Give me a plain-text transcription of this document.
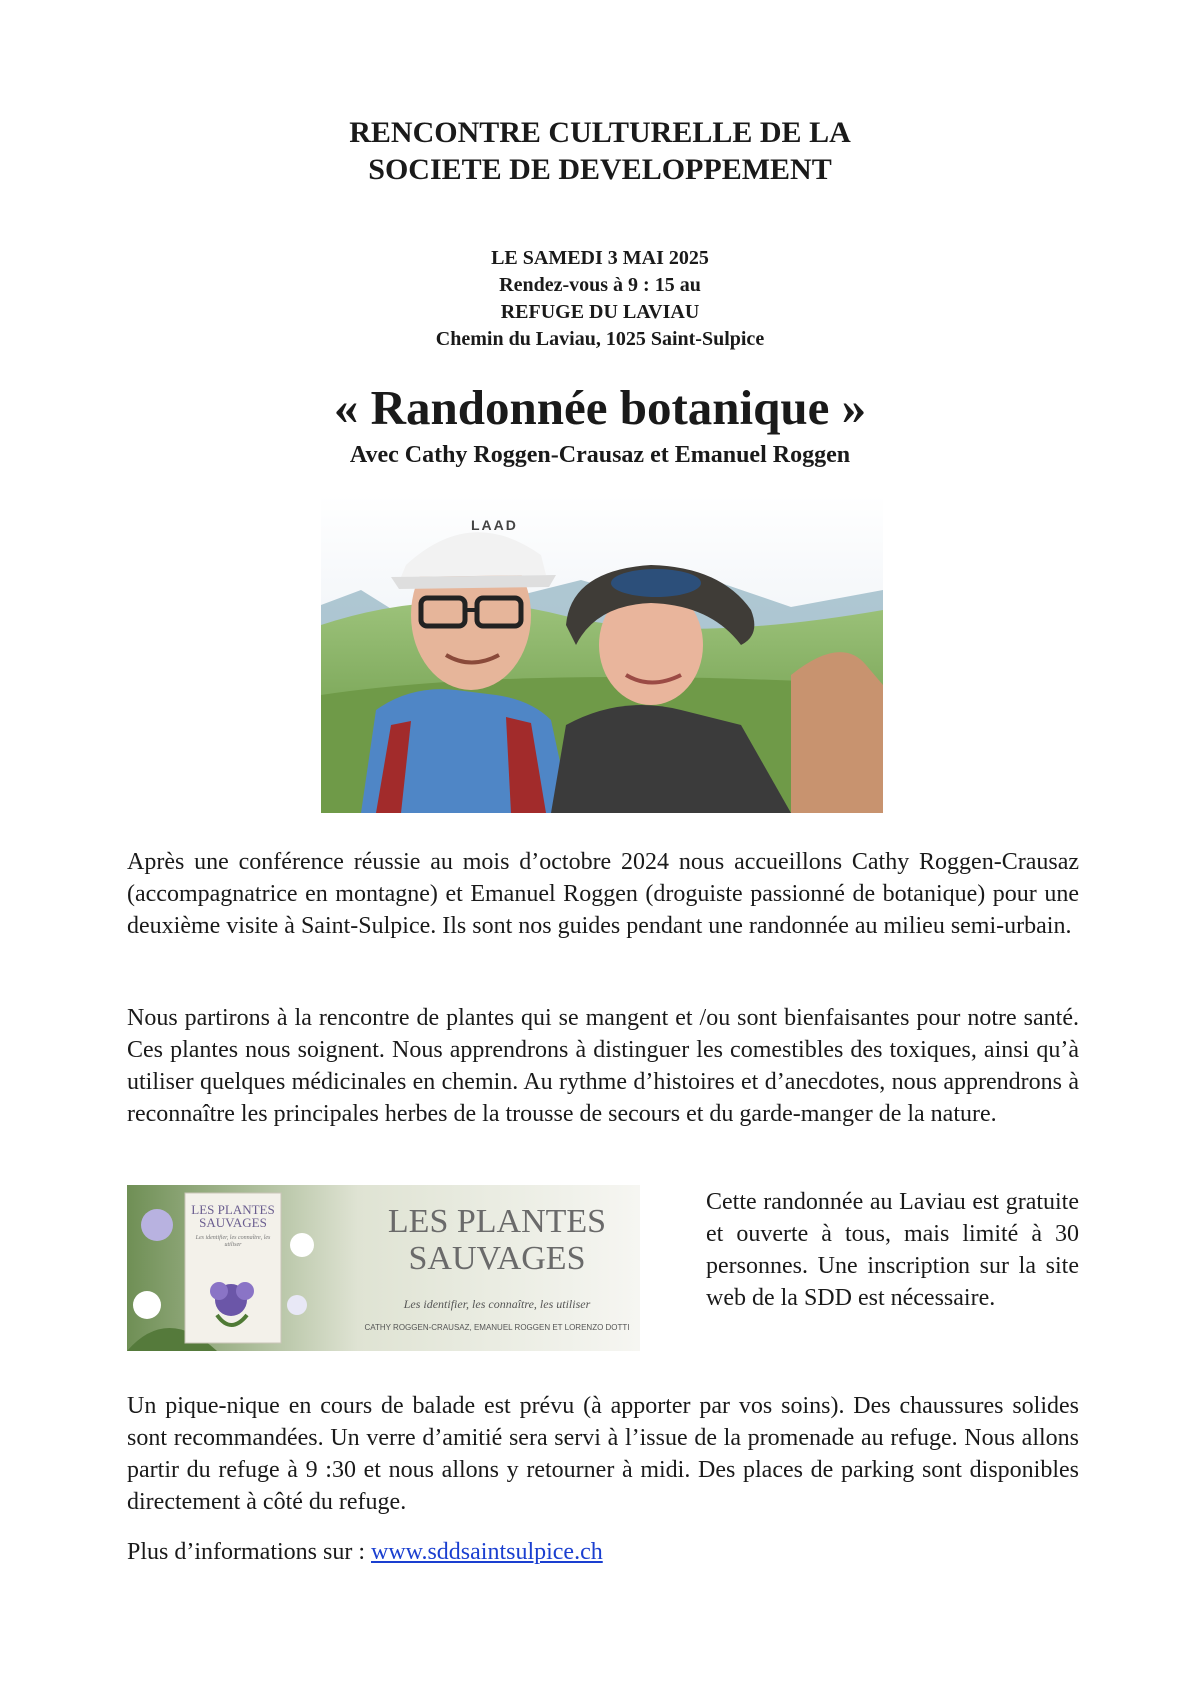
RENCONTRE CULTURELLE DE LA
SOCIETE DE DEVELOPPEMENT
LE SAMEDI 3 MAI 2025
Rendez-vous à 9 : 15 au
REFUGE DU LAVIAU
Chemin du Laviau, 1025 Saint-Sulpice
« Randonnée botanique »
Avec Cathy Roggen-Crausaz et Emanuel Roggen
LAAD

Après une conférence réussie au mois d’octobre 2024 nous accueillons Cathy Roggen-Crausaz (accompagnatrice en montagne) et Emanuel Roggen (droguiste passionné de botanique) pour une deuxième visite à Saint-Sulpice. Ils sont nos guides pendant une randonnée au milieu semi-urbain.

Nous partirons à la rencontre de plantes qui se mangent et /ou sont bienfaisantes pour notre santé. Ces plantes nous soignent. Nous apprendrons à distinguer les comestibles des toxiques, ainsi qu’à utiliser quelques médicinales en chemin. Au rythme d’histoires et d’anecdotes, nous apprendrons à reconnaître les principales herbes de la trousse de secours et du garde-manger de la nature.

LES PLANTES
SAUVAGES
Les identifier, les connaître, les utiliser
LES PLANTES
SAUVAGES
Les identifier, les connaître, les utiliser
CATHY ROGGEN-CRAUSAZ, EMANUEL ROGGEN ET LORENZO DOTTI

Cette randonnée au Laviau est gratuite et ouverte à tous, mais limité à 30 personnes. Une inscription sur la site web de la SDD est nécessaire.

Un pique-nique en cours de balade est prévu (à apporter par vos soins). Des chaussures solides sont recommandées. Un verre d’amitié sera servi à l’issue de la promenade au refuge. Nous allons partir du refuge à 9 :30 et nous allons y retourner à midi. Des places de parking sont disponibles directement à côté du refuge.

Plus d’informations sur : www.sddsaintsulpice.ch
